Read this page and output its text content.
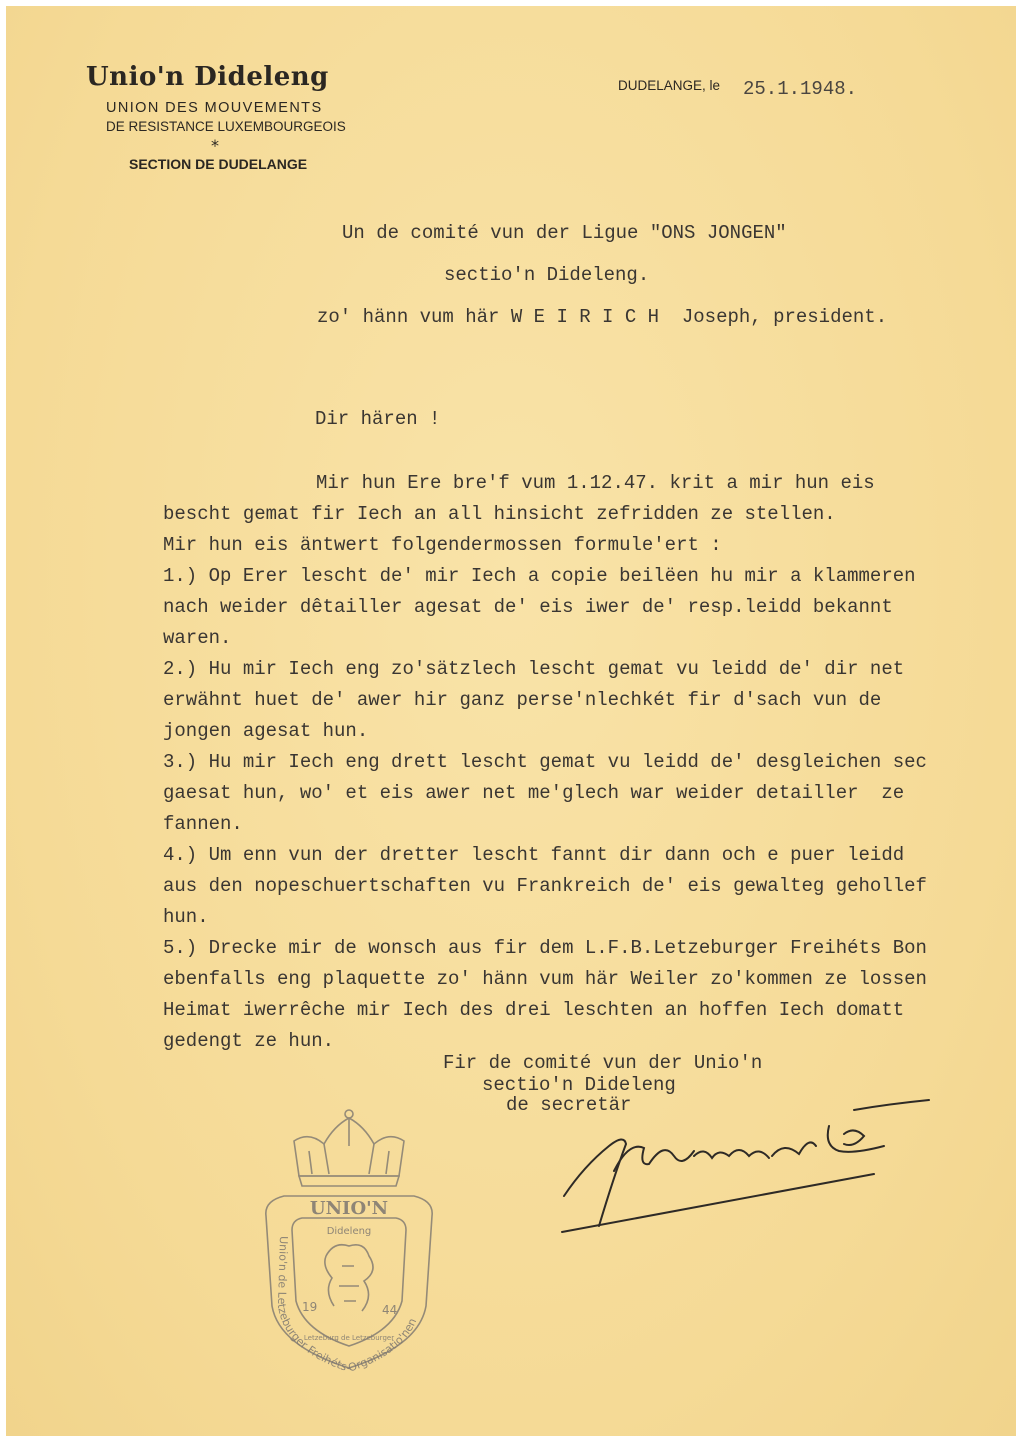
Unio'n Dideleng
UNION DES MOUVEMENTS
DE RESISTANCE LUXEMBOURGEOIS
*
SECTION DE DUDELANGE
DUDELANGE, le 25.1.1948.
Un de comité vun der Ligue "ONS JONGEN"
sectio'n Dideleng.
zo' hänn vum här W E I R I C H  Joseph, president.
Dir hären !
Mir hun Ere bre'f vum 1.12.47. krit a mir hun eis
bescht gemat fir Iech an all hinsicht zefridden ze stellen.
Mir hun eis äntwert folgendermossen formule'ert :
1.) Op Erer lescht de' mir Iech a copie beilëen hu mir a klammeren
nach weider dêtailler agesat de' eis iwer de' resp.leidd bekannt
waren.
2.) Hu mir Iech eng zo'sätzlech lescht gemat vu leidd de' dir net
erwähnt huet de' awer hir ganz perse'nlechkét fir d'sach vun de
jongen agesat hun.
3.) Hu mir Iech eng drett lescht gemat vu leidd de' desgleichen sec
gaesat hun, wo' et eis awer net me'glech war weider detailler  ze
fannen.
4.) Um enn vun der dretter lescht fannt dir dann och e puer leidd
aus den nopeschuertschaften vu Frankreich de' eis gewalteg gehollef
hun.
5.) Drecke mir de wonsch aus fir dem L.F.B.Letzeburger Freihéts Bon
ebenfalls eng plaquette zo' hänn vum här Weiler zo'kommen ze lossen
Heimat iwerrêche mir Iech des drei leschten an hoffen Iech domatt
gedengt ze hun.
Fir de comité vun der Unio'n
sectio'n Dideleng
de secretär
UNIO'N
Dideleng
19	44
Letzeburg de Letzeburger
Unio'n de Letzeburger Freihéts-Organisatio'nen
